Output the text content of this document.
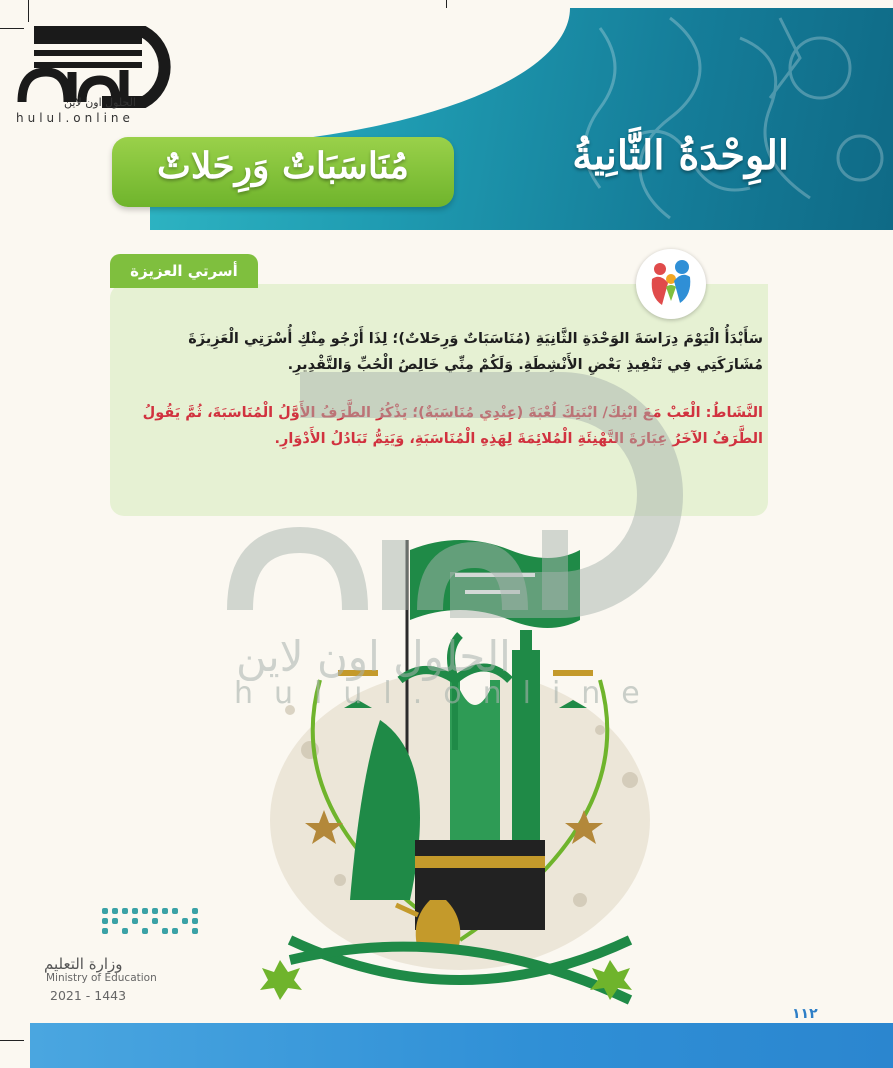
الحلول اون لاين
hulul.online
الوِحْدَةُ الثَّانِيةُ
مُنَاسَبَاتٌ وَرِحَلاتٌ
أسرتي العزيزة

سَأَبْدَأُ الْيَوْمَ دِرَاسَةَ الوَحْدَةِ الثَّانِيَةِ (مُنَاسَبَاتٌ وَرِحَلاتٌ)؛ لِذَا أَرْجُو مِنْكِ أُسْرَتِي الْعَزِيزَةَ مُشَارَكَتِي فِي تَنْفِيذِ بَعْضِ الأَنْشِطَةِ. وَلَكُمْ مِنِّي خَالِصُ الْحُبِّ وَالتَّقْدِيرِ.

النَّشَاطُ: الْعَبْ مَعَ ابْنِكَ/ ابْنَتِكَ لُعْبَةَ (عِنْدِي مُنَاسَبَةٌ)؛ يَذْكُرُ الطَّرَفُ الأَوَّلُ الْمُنَاسَبَةَ، ثُمَّ يَقُولُ الطَّرَفُ الآخَرُ عِبَارَةَ التَّهْنِئَةِ الْمُلائِمَةَ لِهَذِهِ الْمُنَاسَبَةِ، وَيَتِمُّ تَبَادُلُ الأَدْوَارِ.

الحلول اون لاين
hulul.online
وزارة التعليم
Ministry of Education
2021 - 1443
١١٢
